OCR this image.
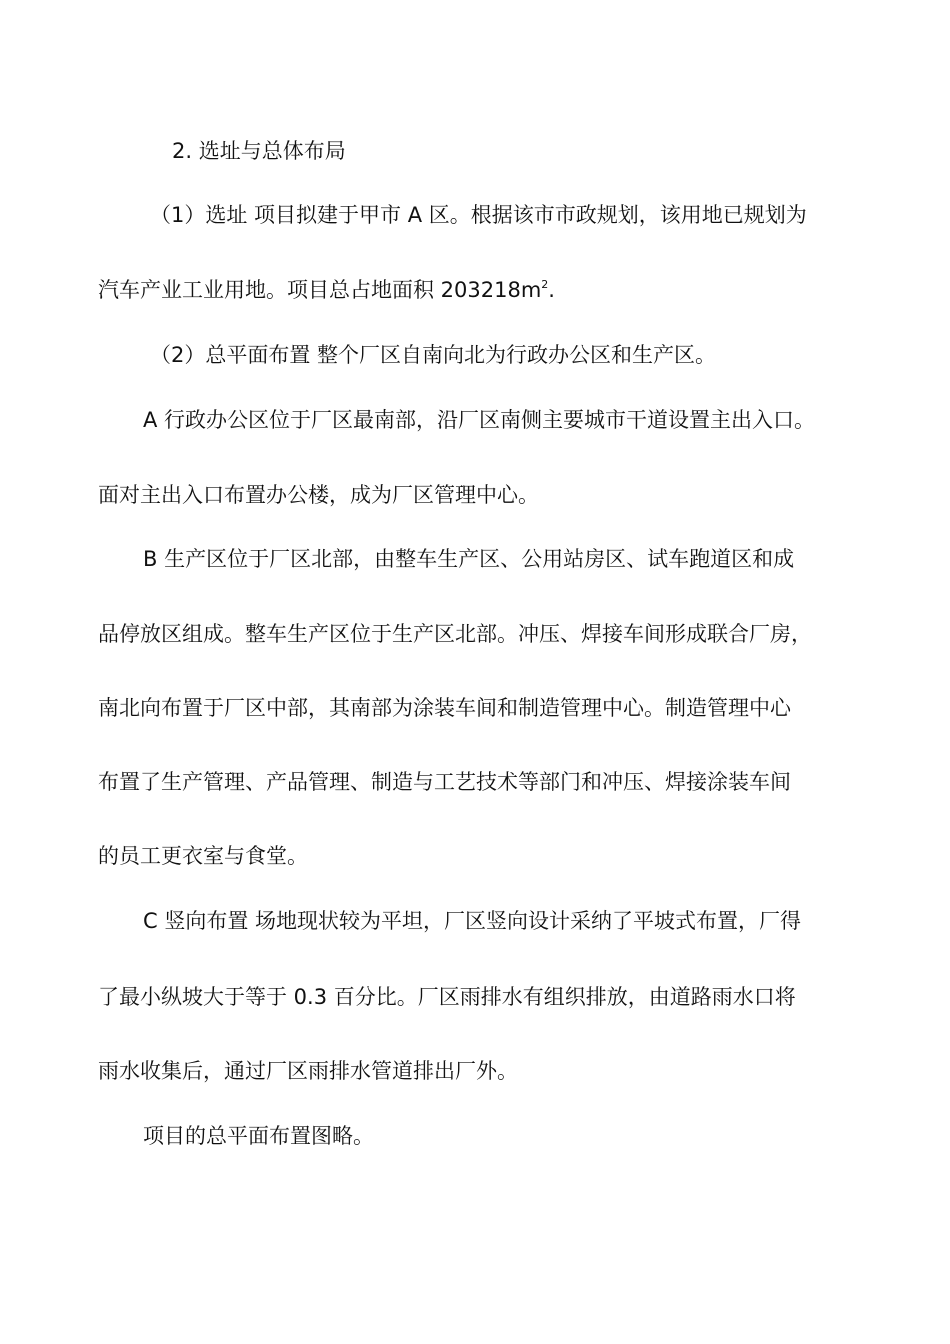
2. 选址与总体布局
（1）选址 项目拟建于甲市 A 区。根据该市市政规划，该用地已规划为
汽车产业工业用地。项目总占地面积 $203218m^2$.
（2）总平面布置 整个厂区自南向北为行政办公区和生产区。
A 行政办公区位于厂区最南部，沿厂区南侧主要城市干道设置主出入口。
面对主出入口布置办公楼，成为厂区管理中心。
B 生产区位于厂区北部，由整车生产区、公用站房区、试车跑道区和成
品停放区组成。整车生产区位于生产区北部。冲压、焊接车间形成联合厂房，
南北向布置于厂区中部，其南部为涂装车间和制造管理中心。制造管理中心
布置了生产管理、产品管理、制造与工艺技术等部门和冲压、焊接涂装车间
的员工更衣室与食堂。
C 竖向布置 场地现状较为平坦，厂区竖向设计采纳了平坡式布置，厂得
了最小纵坡大于等于 0.3 百分比。厂区雨排水有组织排放，由道路雨水口将
雨水收集后，通过厂区雨排水管道排出厂外。
项目的总平面布置图略。
